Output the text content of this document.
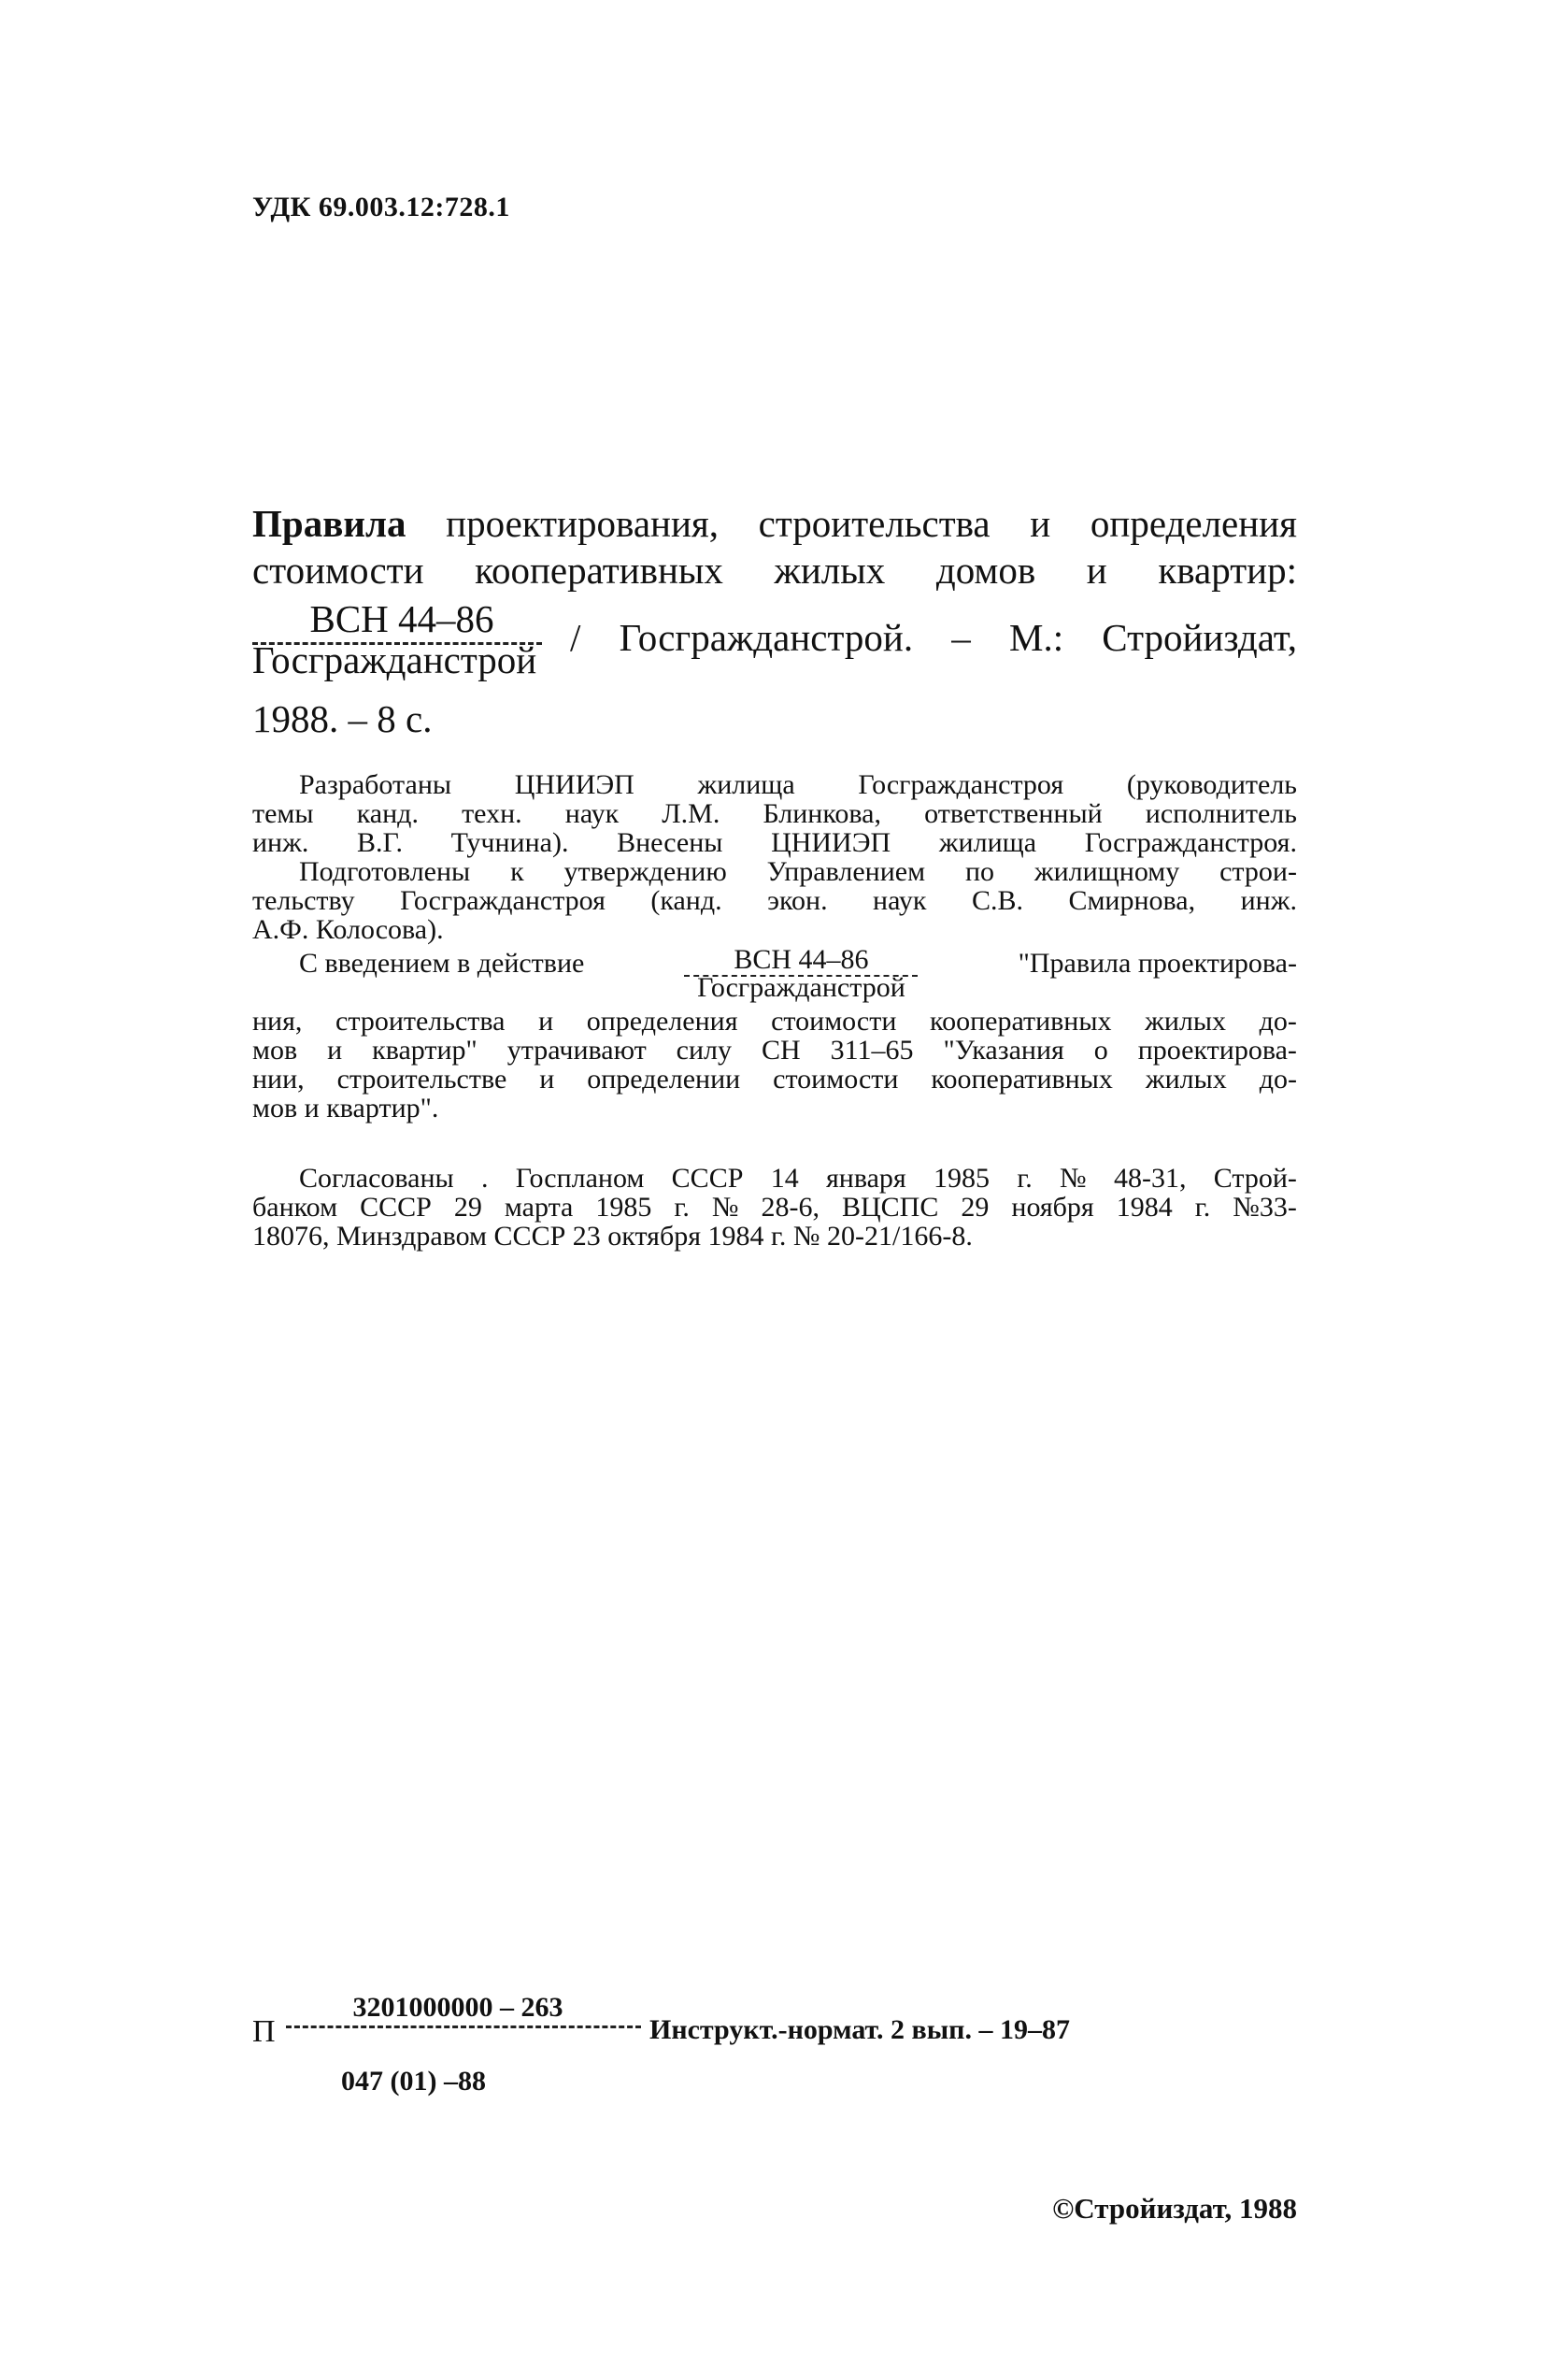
УДК 69.003.12:728.1
Правила проектирования, строительства и определения
стоимости кооперативных жилых домов и квартир:
ВСН 44–86
Госгражданстрой
/ Госгражданстрой. – М.: Стройиздат,
1988. – 8 с.
Разработаны ЦНИИЭП жилища Госгражданстроя (руководитель
темы канд. техн. наук Л.М. Блинкова, ответственный исполнитель
инж. В.Г. Тучнина). Внесены ЦНИИЭП жилища Госгражданстроя.
Подготовлены к утверждению Управлением по жилищному строи-
тельству Госгражданстроя (канд. экон. наук С.В. Смирнова, инж.
А.Ф. Колосова).
С введением в действие	ВСН 44–86
Госгражданстрой
"Правила проектирова-
ния, строительства и определения стоимости кооперативных жилых до-
мов и квартир" утрачивают силу СН 311–65 "Указания о проектирова-
нии, строительстве и определении стоимости кооперативных жилых до-
мов и квартир".
Согласованы . Госпланом СССР 14 января 1985 г. № 48-31, Строй-
банком СССР 29 марта 1985 г. № 28-6, ВЦСПС 29 ноября 1984 г. №33-
18076, Минздравом СССР 23 октября 1984 г. № 20-21/166-8.
П
3201000000 – 263
047 (01) –88
Инструкт.-нормат. 2 вып. – 19–87
©Стройиздат, 1988
